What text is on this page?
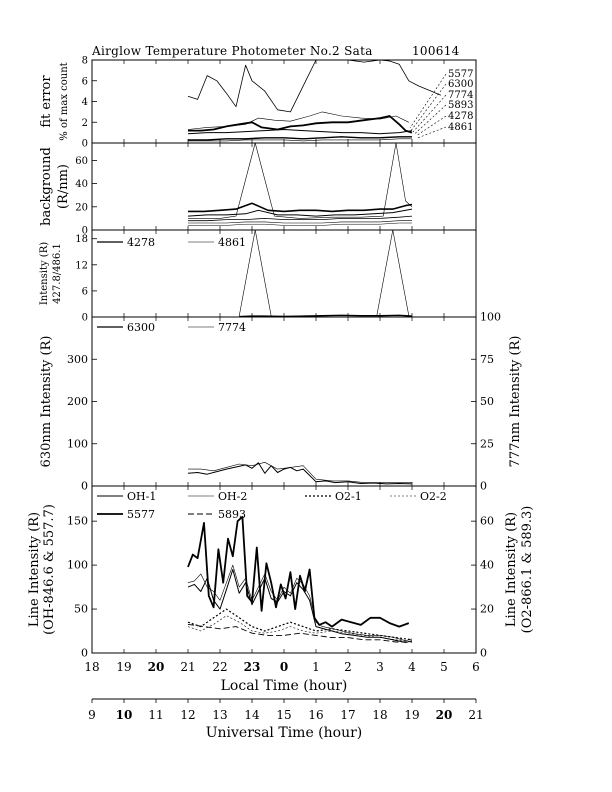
0
2
4
6
8
fit error % of max count
0
20
40
60
background (R/nm)
0
6
12
18
Intensity (R) 427.8/486.1
0
100
200
300
630nm Intensity (R)
0
25
50
75
100
777nm Intensity (R)
0
50
100
150
Line Intensity (R) (OH-846.6 & 557.7)
0
20
40
60 Line Intensity (R) (O2-866.1 & 589.3)
5577
6300
7774
5893
4278
4861
4278	4861
6300	7774
OH-1	OH-2	O2-1	O2-2
5577	5893
18 19 20 21 22 23 0 1 2 3 4 5 6
Local Time (hour)
9 10 11 12 13 14 15 16 17 18 19 20 21
Universal Time (hour)
Airglow Temperature Photometer No.2 Sata	100614
